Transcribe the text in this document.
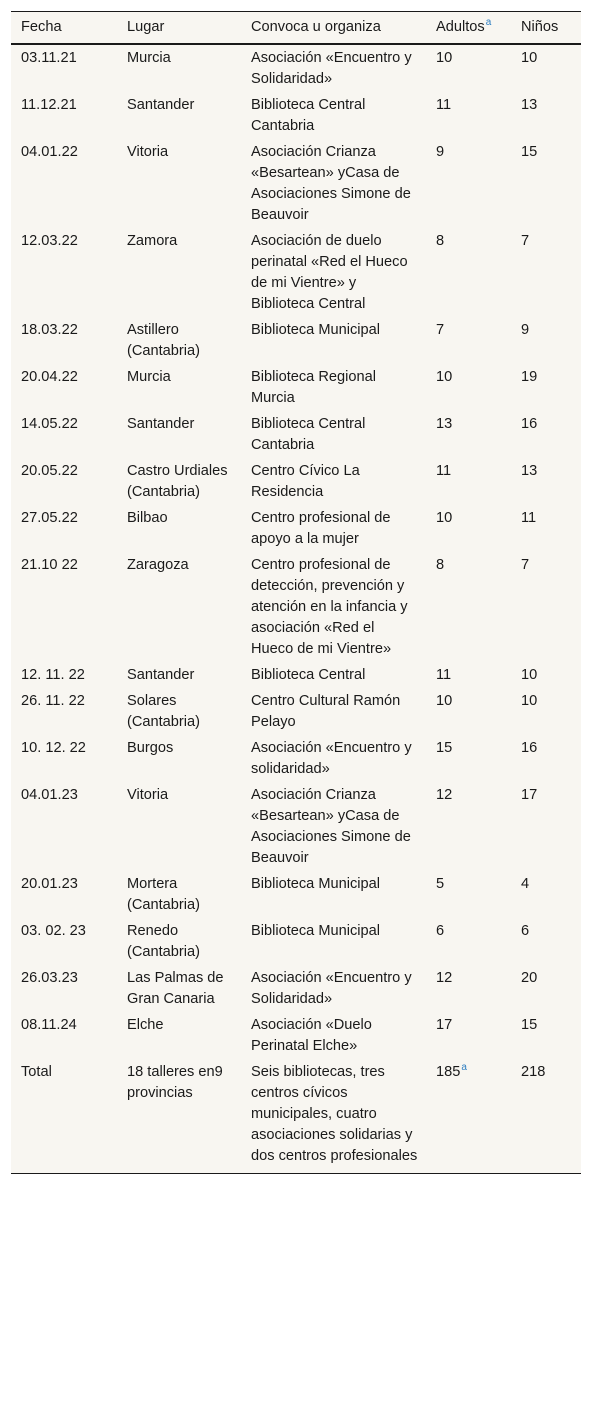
Fecha	Lugar	Convoca u organiza	Adultos$^a$	Niños
03.11.21	Murcia	Asociación «Encuentro y Solidaridad»	10	10
11.12.21	Santander	Biblioteca Central Cantabria	11	13
04.01.22	Vitoria	Asociación Crianza «Besartean» yCasa de Asociaciones Simone de Beauvoir	9	15
12.03.22	Zamora	Asociación de duelo perinatal «Red el Hueco de mi Vientre» y Biblioteca Central	8	7
18.03.22	Astillero (Cantabria)	Biblioteca Municipal	7	9
20.04.22	Murcia	Biblioteca Regional Murcia	10	19
14.05.22	Santander	Biblioteca Central Cantabria	13	16
20.05.22	Castro Urdiales (Cantabria)	Centro Cívico La Residencia	11	13
27.05.22	Bilbao	Centro profesional de apoyo a la mujer	10	11
21.10 22	Zaragoza	Centro profesional de detección, prevención y atención en la infancia y asociación «Red el Hueco de mi Vientre»	8	7
12. 11. 22	Santander	Biblioteca Central	11	10
26. 11. 22	Solares (Cantabria)	Centro Cultural Ramón Pelayo	10	10
10. 12. 22	Burgos	Asociación «Encuentro y solidaridad»	15	16
04.01.23	Vitoria	Asociación Crianza «Besartean» yCasa de Asociaciones Simone de Beauvoir	12	17
20.01.23	Mortera (Cantabria)	Biblioteca Municipal	5	4
03. 02. 23	Renedo (Cantabria)	Biblioteca Municipal	6	6
26.03.23	Las Palmas de Gran Canaria	Asociación «Encuentro y Solidaridad»	12	20
08.11.24	Elche	Asociación «Duelo Perinatal Elche»	17	15
Total	18 talleres en9 provincias	Seis bibliotecas, tres centros cívicos municipales, cuatro asociaciones solidarias y dos centros profesionales	185$^a$	218
